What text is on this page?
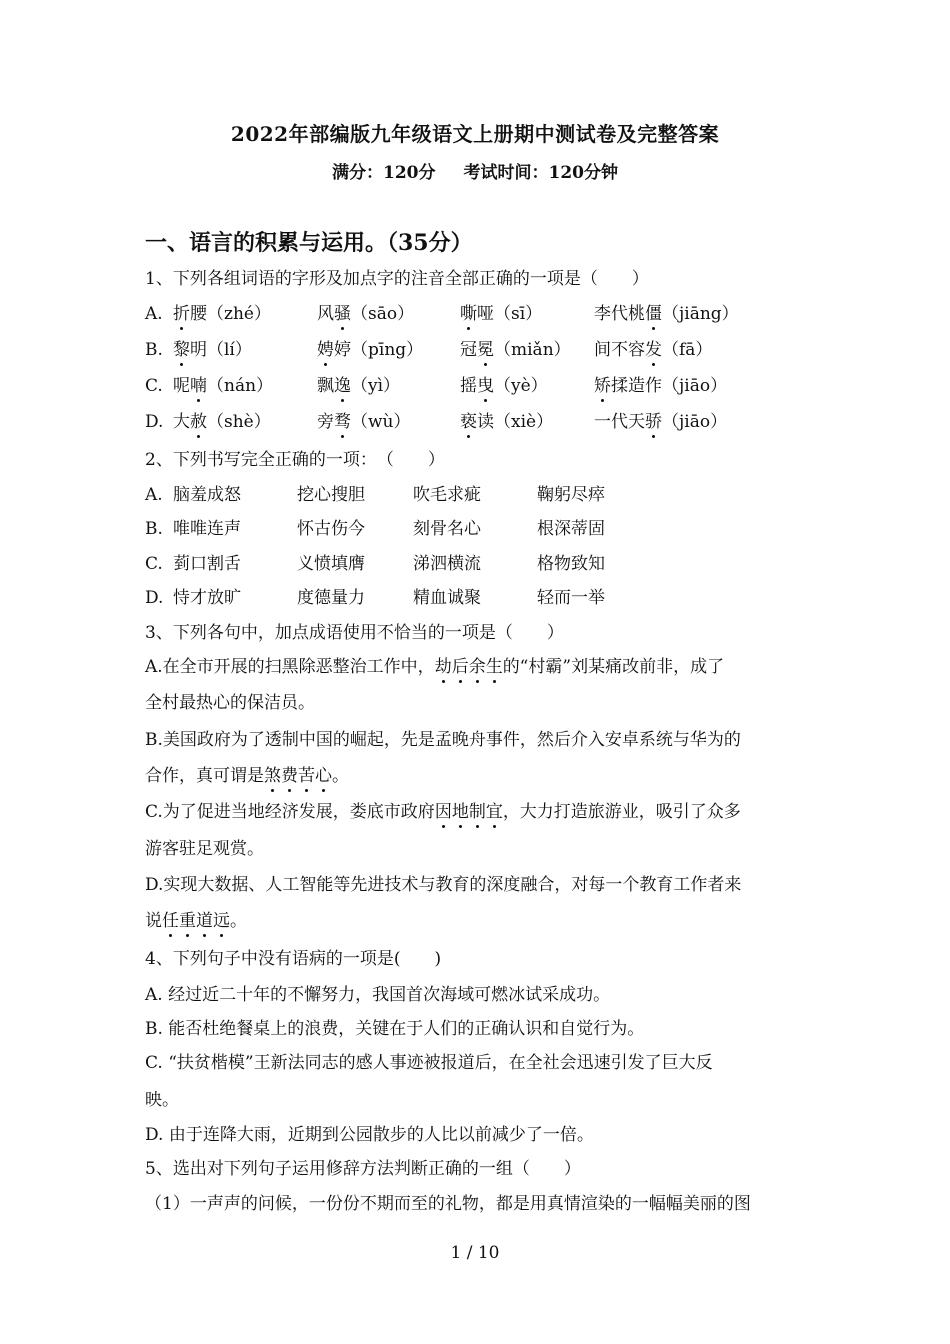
2022年部编版九年级语文上册期中测试卷及完整答案
满分：120分 考试时间：120分钟
一、语言的积累与运用。（35分）
1、下列各组词语的字形及加点字的注音全部正确的一项是（　　）
A. 折腰（zhé）	风骚（sāo）	嘶哑（sī）	李代桃僵（jiāng）
B. 黎明（lí）	娉婷（pīng） 冠冕（miǎn） 间不容发（fā）
C. 呢喃（nán）	飘逸（yì）	摇曳（yè）	矫揉造作（jiāo）
D. 大赦（shè）	旁骛（wù）	亵读（xiè） 一代天骄（jiāo）
2、下列书写完全正确的一项：　（　　）
A. 脑羞成怒	挖心搜胆	吹毛求疵	鞠躬尽瘁
B. 唯唯连声	怀古伤今	刻骨名心	根深蒂固
C. 菿口割舌	义愤填膺	涕泗横流	格物致知
D. 恃才放旷	度德量力	精血诚聚	轻而一举
3、下列各句中，加点成语使用不恰当的一项是（　　）
A.在全市开展的扫黑除恶整治工作中，劫后余生的“村霸”刘某痛改前非，成了
全村最热心的保洁员。
B.美国政府为了透制中国的崛起，先是孟晚舟事件，然后介入安卓系统与华为的
合作，真可谓是煞费苦心。
C.为了促进当地经济发展，娄底市政府因地制宜，大力打造旅游业，吸引了众多
游客驻足观赏。
D.实现大数据、人工智能等先进技术与教育的深度融合，对每一个教育工作者来
说任重道远。
4、下列句子中没有语病的一项是(　　)
A. 经过近二十年的不懈努力，我国首次海域可燃冰试采成功。
B. 能否杜绝餐桌上的浪费，关键在于人们的正确认识和自觉行为。
C. “扶贫楷模”王新法同志的感人事迹被报道后，在全社会迅速引发了巨大反
映。
D. 由于连降大雨，近期到公园散步的人比以前减少了一倍。
5、选出对下列句子运用修辞方法判断正确的一组（　　）
（1）一声声的问候，一份份不期而至的礼物，都是用真情渲染的一幅幅美丽的图
1 / 10
